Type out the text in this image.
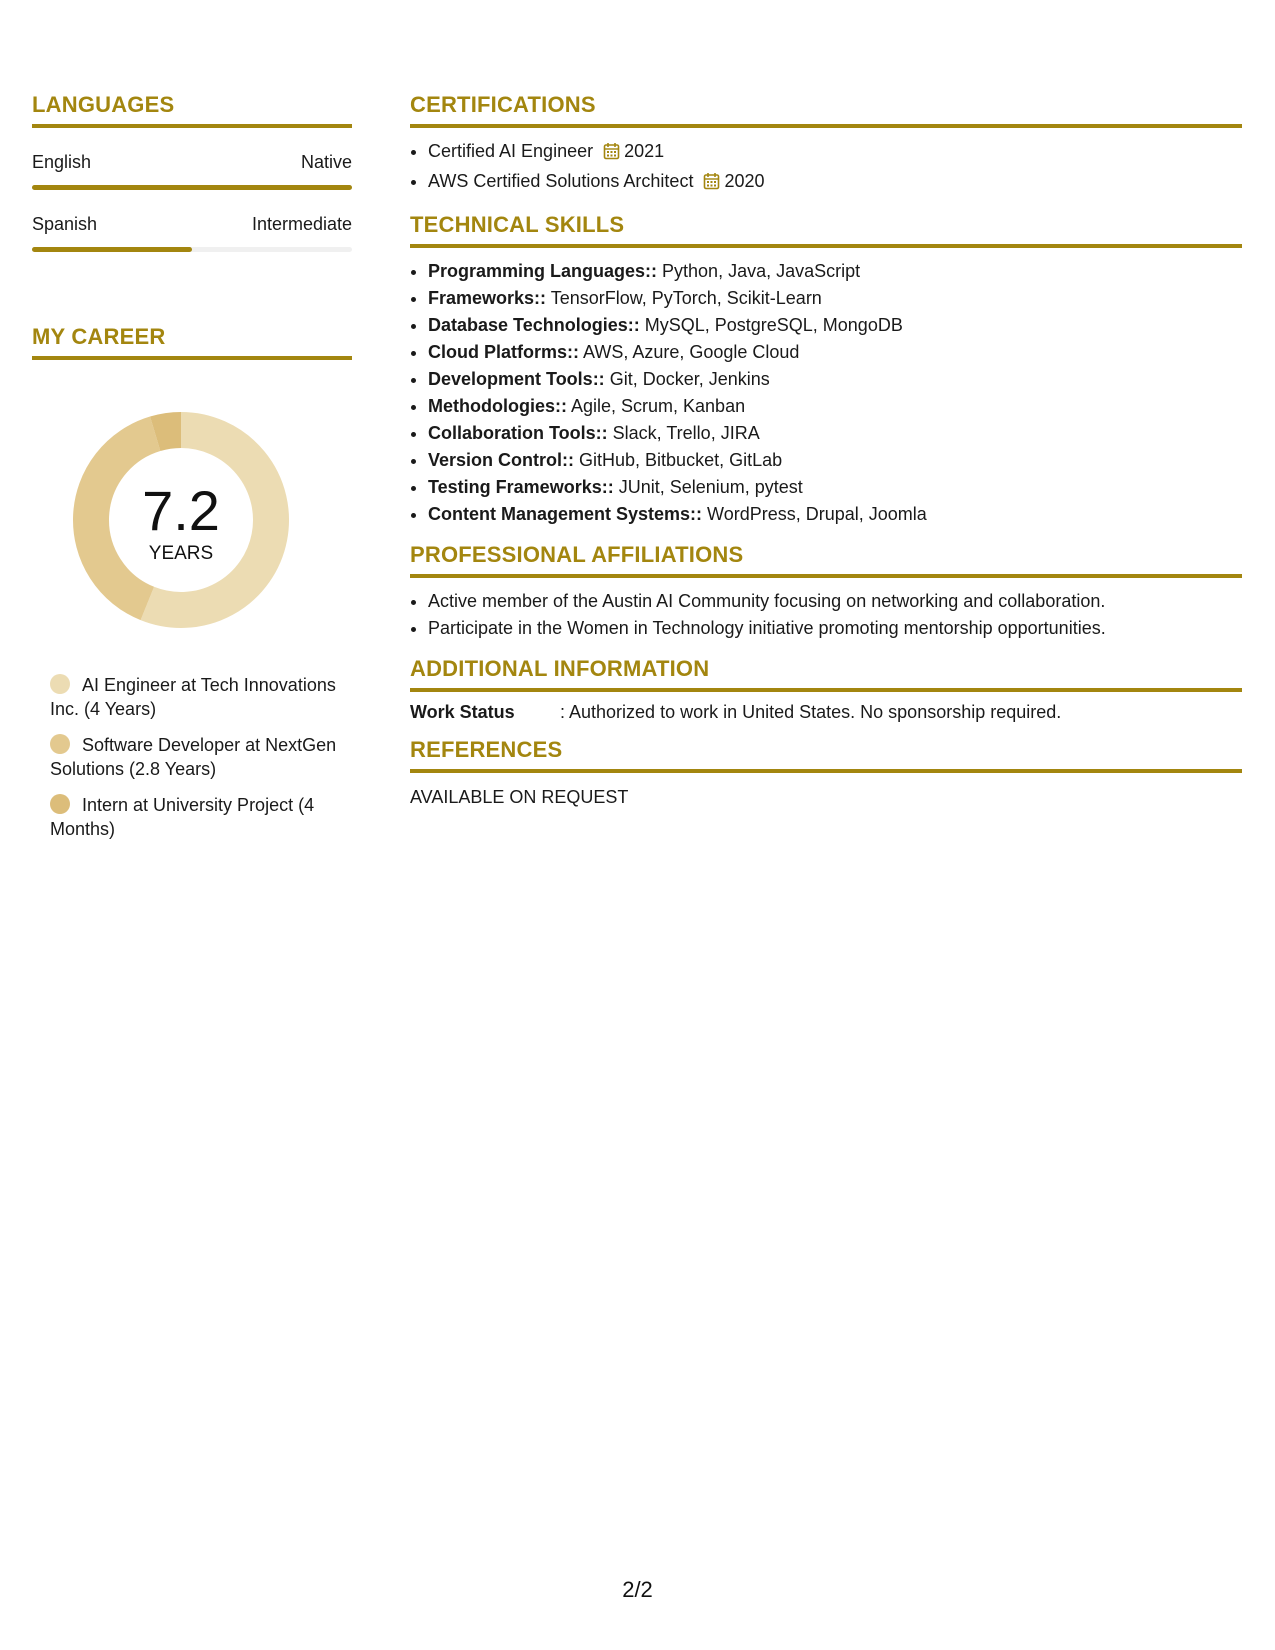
LANGUAGES
English	Native
Spanish	Intermediate
MY CAREER
7.2
YEARS
AI Engineer at Tech Innovations Inc. (4 Years)
Software Developer at NextGen Solutions (2.8 Years)
Intern at University Project (4 Months)
CERTIFICATIONS
• Certified AI Engineer 2021
• AWS Certified Solutions Architect 2020
TECHNICAL SKILLS
• Programming Languages:: Python, Java, JavaScript
• Frameworks:: TensorFlow, PyTorch, Scikit-Learn
• Database Technologies:: MySQL, PostgreSQL, MongoDB
• Cloud Platforms:: AWS, Azure, Google Cloud
• Development Tools:: Git, Docker, Jenkins
• Methodologies:: Agile, Scrum, Kanban
• Collaboration Tools:: Slack, Trello, JIRA
• Version Control:: GitHub, Bitbucket, GitLab
• Testing Frameworks:: JUnit, Selenium, pytest
• Content Management Systems:: WordPress, Drupal, Joomla
PROFESSIONAL AFFILIATIONS
• Active member of the Austin AI Community focusing on networking and collaboration.
• Participate in the Women in Technology initiative promoting mentorship opportunities.
ADDITIONAL INFORMATION
Work Status	: Authorized to work in United States. No sponsorship required.
REFERENCES
AVAILABLE ON REQUEST
2/2
